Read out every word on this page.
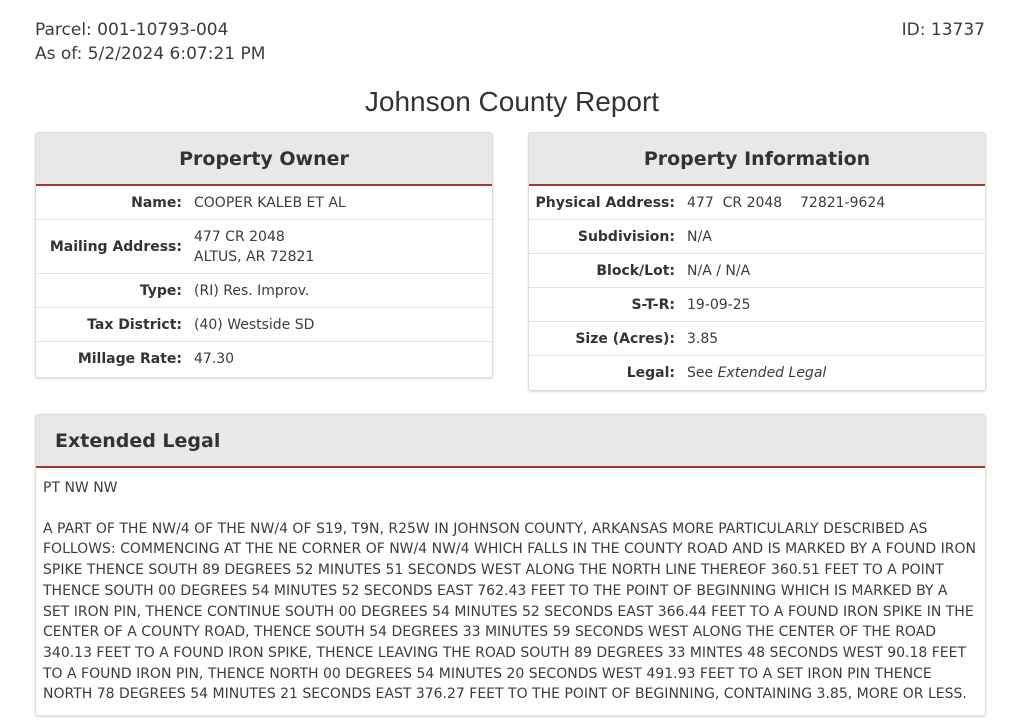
Parcel: 001-10793-004
As of: 5/2/2024 6:07:21 PM
ID: 13737
Johnson County Report
Property Owner
Name: COOPER KALEB ET AL
Mailing Address:
477 CR 2048
ALTUS, AR 72821
Type: (RI) Res. Improv.
Tax District: (40) Westside SD
Millage Rate: 47.30
Property Information
Physical Address: 477  CR 2048    72821-9624
Subdivision: N/A
Block/Lot: N/A / N/A
S-T-R: 19-09-25
Size (Acres): 3.85
Legal: See Extended Legal
Extended Legal

PT NW NW

A PART OF THE NW/4 OF THE NW/4 OF S19, T9N, R25W IN JOHNSON COUNTY, ARKANSAS MORE PARTICULARLY DESCRIBED AS FOLLOWS: COMMENCING AT THE NE CORNER OF NW/4 NW/4 WHICH FALLS IN THE COUNTY ROAD AND IS MARKED BY A FOUND IRON SPIKE THENCE SOUTH 89 DEGREES 52 MINUTES 51 SECONDS WEST ALONG THE NORTH LINE THEREOF 360.51 FEET TO A POINT THENCE SOUTH 00 DEGREES 54 MINUTES 52 SECONDS EAST 762.43 FEET TO THE POINT OF BEGINNING WHICH IS MARKED BY A SET IRON PIN, THENCE CONTINUE SOUTH 00 DEGREES 54 MINUTES 52 SECONDS EAST 366.44 FEET TO A FOUND IRON SPIKE IN THE CENTER OF A COUNTY ROAD, THENCE SOUTH 54 DEGREES 33 MINUTES 59 SECONDS WEST ALONG THE CENTER OF THE ROAD 340.13 FEET TO A FOUND IRON SPIKE, THENCE LEAVING THE ROAD SOUTH 89 DEGREES 33 MINTES 48 SECONDS WEST 90.18 FEET TO A FOUND IRON PIN, THENCE NORTH 00 DEGREES 54 MINUTES 20 SECONDS WEST 491.93 FEET TO A SET IRON PIN THENCE NORTH 78 DEGREES 54 MINUTES 21 SECONDS EAST 376.27 FEET TO THE POINT OF BEGINNING, CONTAINING 3.85, MORE OR LESS.
